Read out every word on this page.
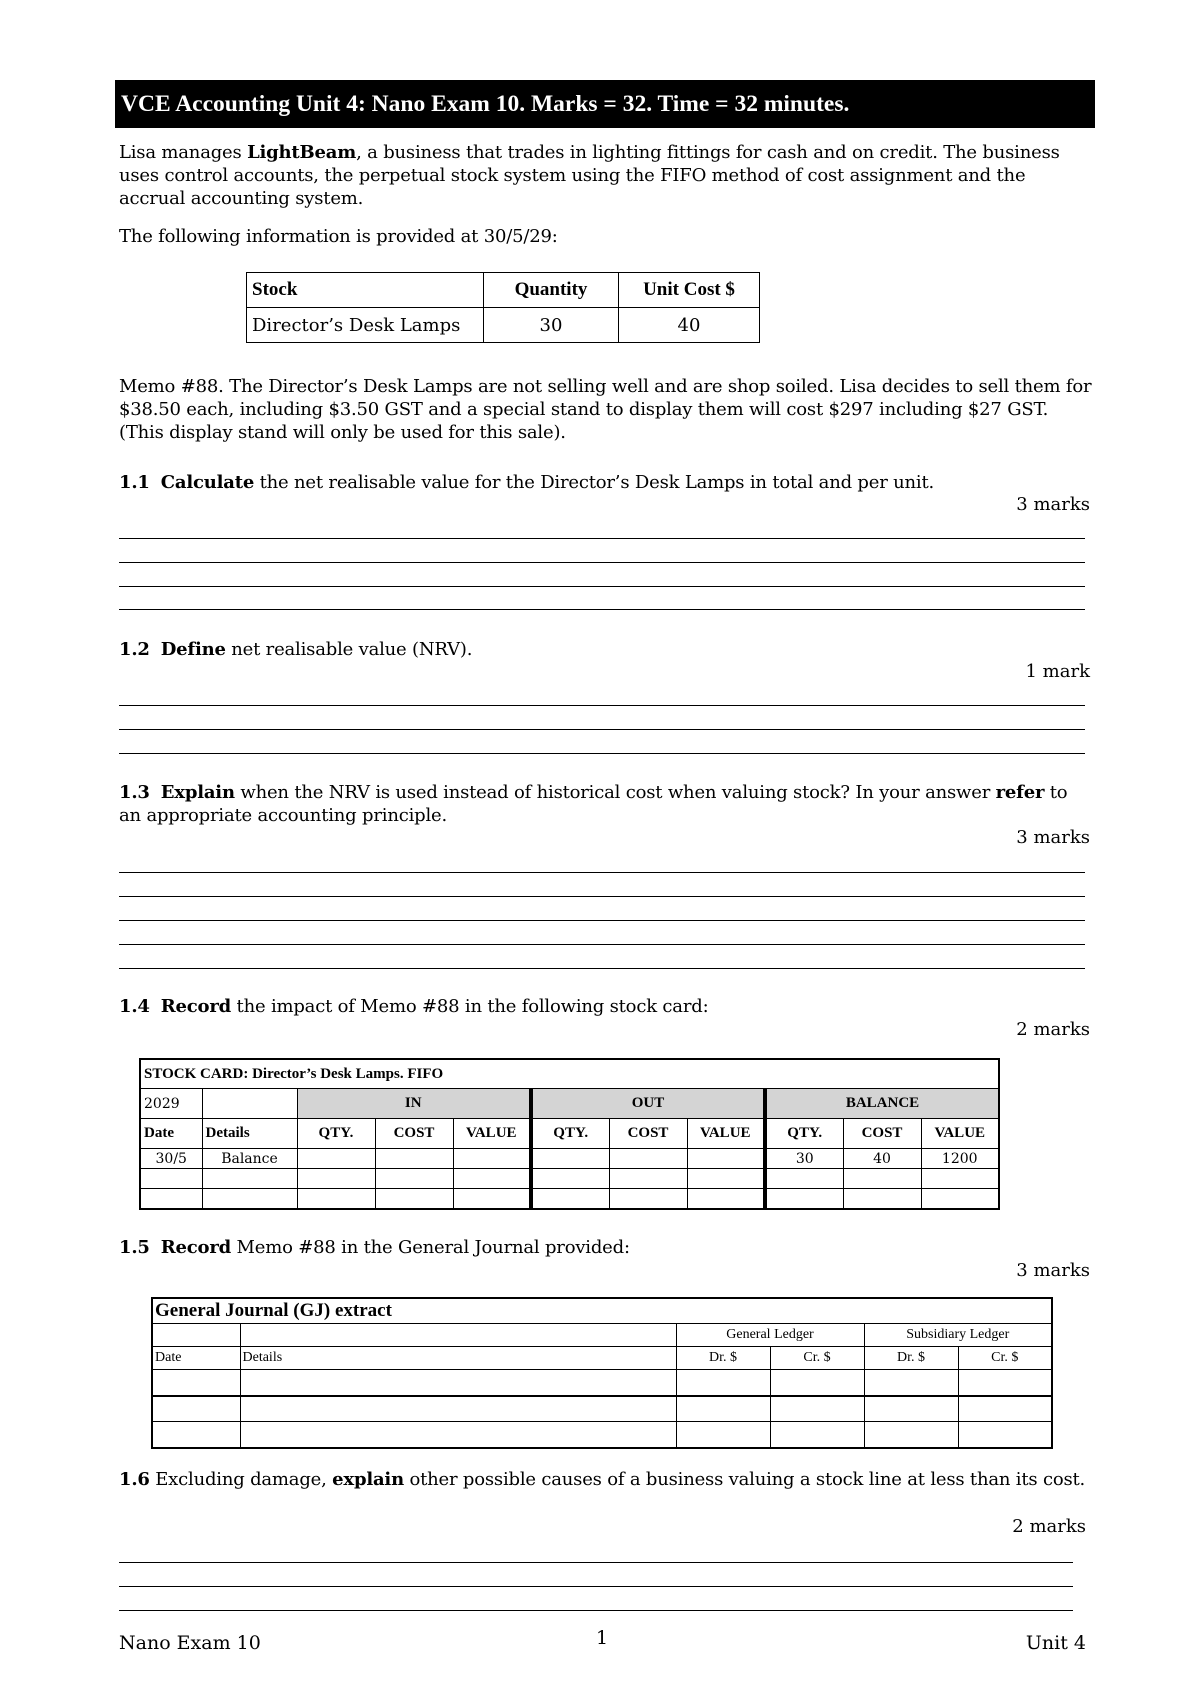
VCE Accounting Unit 4: Nano Exam 10. Marks = 32. Time = 32 minutes.
Lisa manages LightBeam, a business that trades in lighting fittings for cash and on credit. The business uses control accounts, the perpetual stock system using the FIFO method of cost assignment and the accrual accounting system.
The following information is provided at 30/5/29:
Stock	Quantity	Unit Cost $
Director’s Desk Lamps	30	40
Memo #88. The Director’s Desk Lamps are not selling well and are shop soiled. Lisa decides to sell them for $38.50 each, including $3.50 GST and a special stand to display them will cost $297 including $27 GST. (This display stand will only be used for this sale).
1.1 Calculate the net realisable value for the Director’s Desk Lamps in total and per unit.
3 marks
1.2 Define net realisable value (NRV).
1 mark
1.3 Explain when the NRV is used instead of historical cost when valuing stock? In your answer refer to an appropriate accounting principle.
3 marks
1.4 Record the impact of Memo #88 in the following stock card:
2 marks
STOCK CARD: Director’s Desk Lamps. FIFO										
2029		IN			OUT			BALANCE		
Date	Details	QTY.	COST	VALUE	QTY.	COST	VALUE	QTY.	COST	VALUE
30/5	Balance							30	40	1200

1.5 Record Memo #88 in the General Journal provided:
3 marks
General Journal (GJ) extract					
		General Ledger		Subsidiary Ledger	
Date	Details	Dr. $	Cr. $	Dr. $	Cr. $

1.6 Excluding damage, explain other possible causes of a business valuing a stock line at less than its cost.
2 marks
Nano Exam 10	1	Unit 4
